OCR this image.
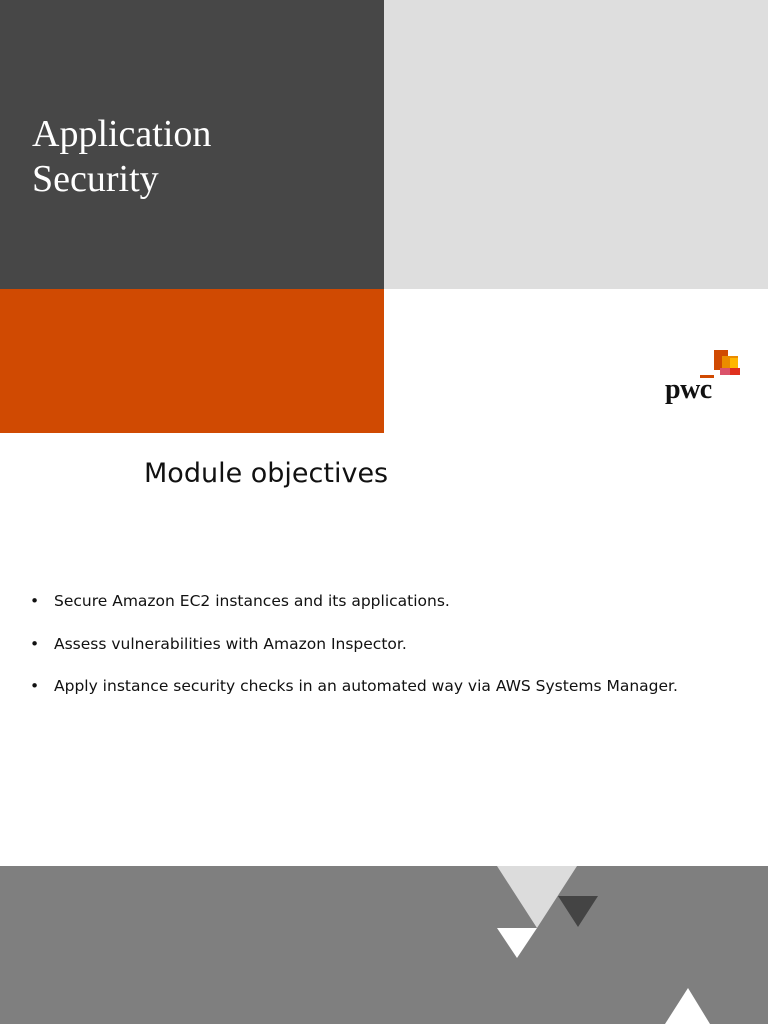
Application
Security
pwc
Module objectives
• Secure Amazon EC2 instances and its applications.
• Assess vulnerabilities with Amazon Inspector.
• Apply instance security checks in an automated way via AWS Systems Manager.
